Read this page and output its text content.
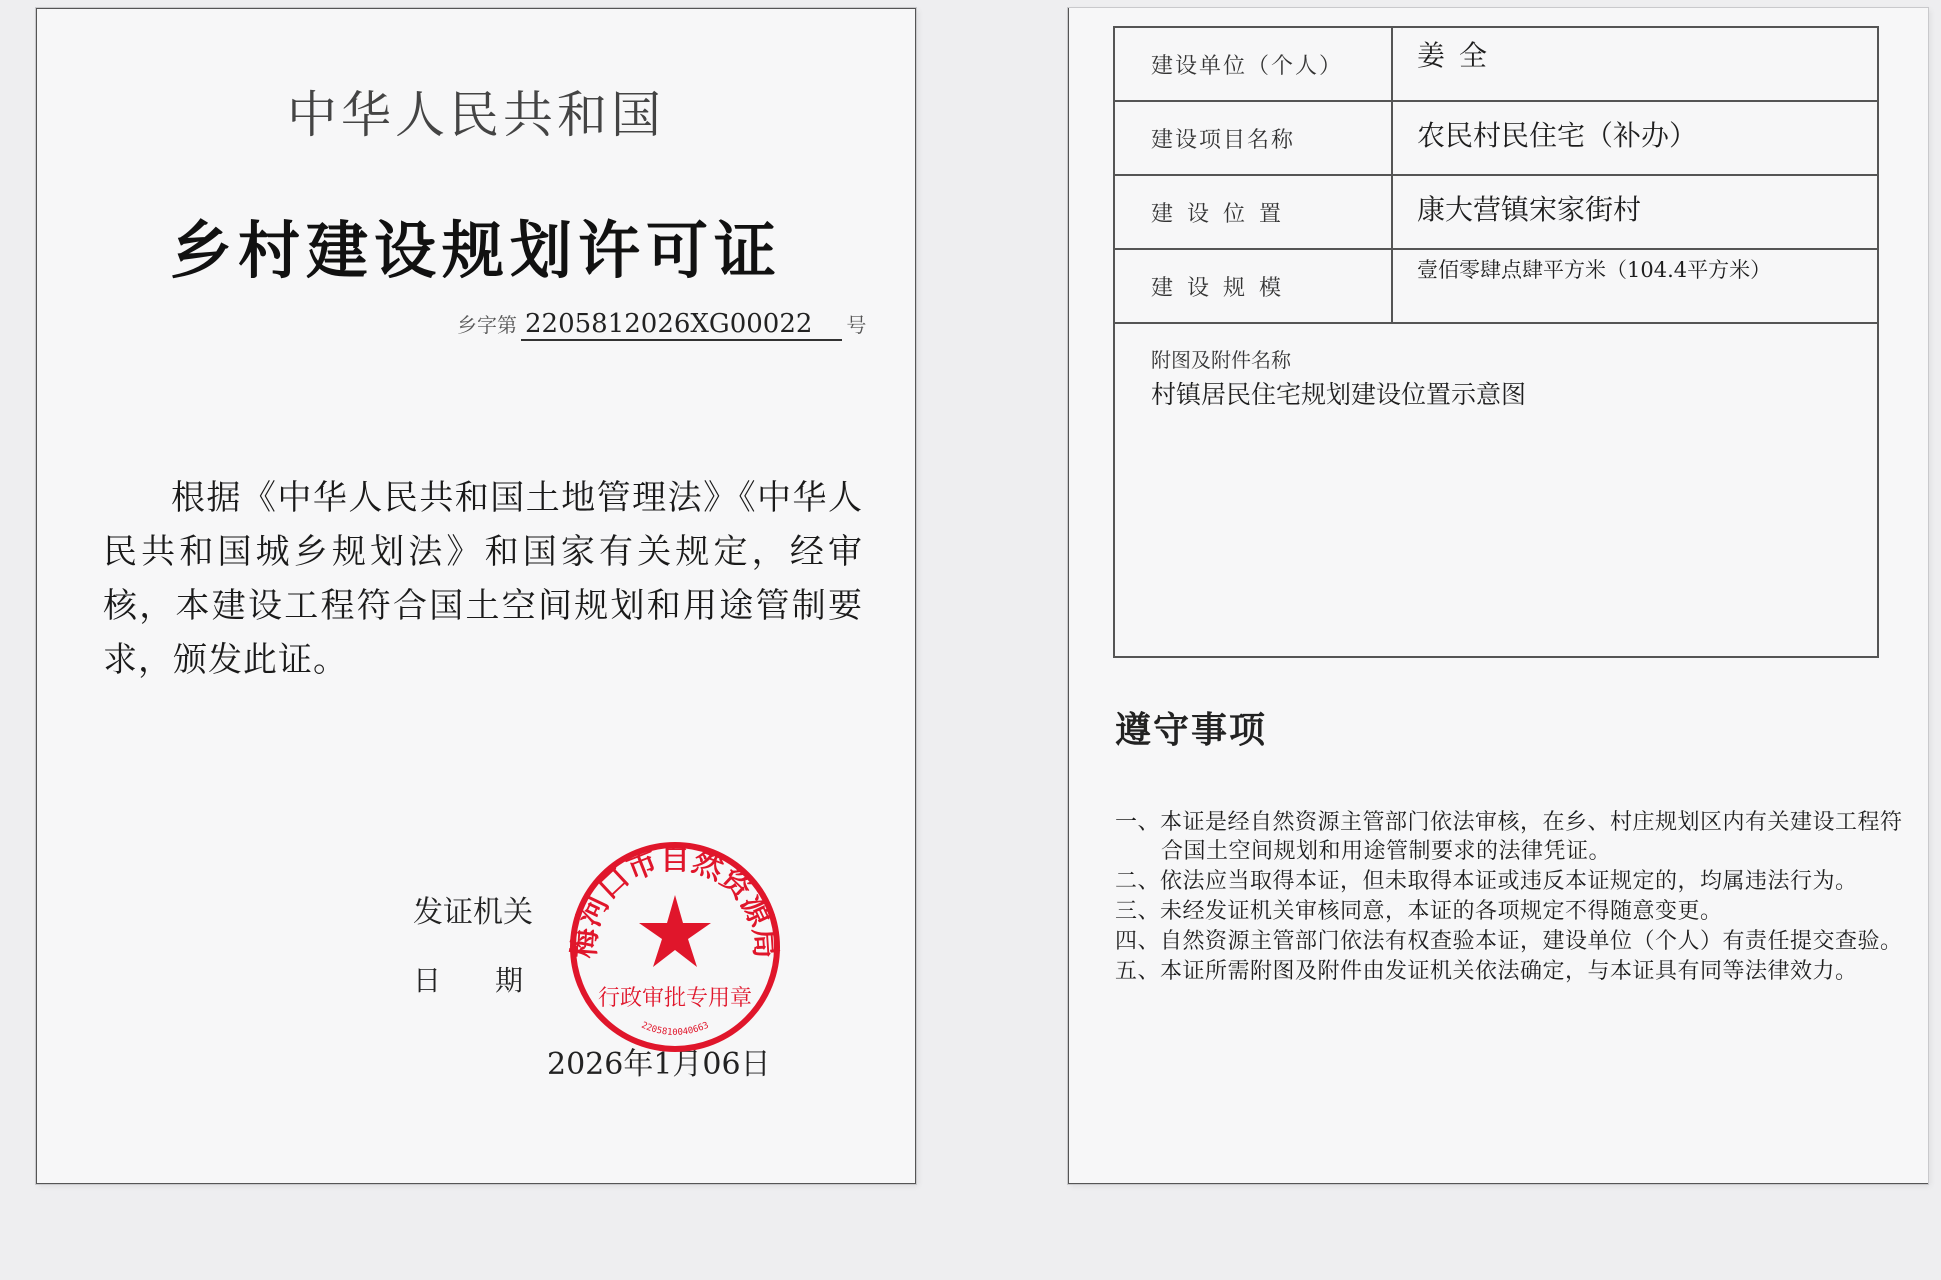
中华人民共和国
乡村建设规划许可证
乡字第 2205812026XG00022 号
根据《中华人民共和国土地管理法》《中华人民共和国城乡规划法》和国家有关规定，经审核，本建设工程符合国土空间规划和用途管制要求，颁发此证。
发证机关
日期
2026年1月06日
梅河口市自然资源局
行政审批专用章
2205810040663
建设单位（个人）	姜全
建设项目名称	农民村民住宅（补办）
建设位置	康大营镇宋家街村
建设规模	壹佰零肆点肆平方米（104.4平方米）

附图及附件名称
村镇居民住宅规划建设位置示意图	
遵守事项
一、本证是经自然资源主管部门依法审核，在乡、村庄规划区内有关建设工程符合国土空间规划和用途管制要求的法律凭证。
二、依法应当取得本证，但未取得本证或违反本证规定的，均属违法行为。
三、未经发证机关审核同意，本证的各项规定不得随意变更。
四、自然资源主管部门依法有权查验本证，建设单位（个人）有责任提交查验。
五、本证所需附图及附件由发证机关依法确定，与本证具有同等法律效力。
